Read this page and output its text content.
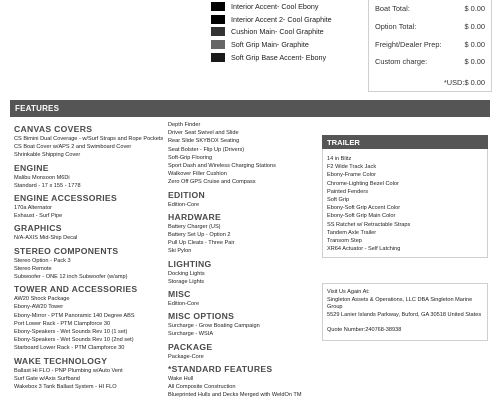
Interior Accent- Cool Ebony
Interior Accent 2- Cool Graphite
Cushion Main- Cool Graphite
Soft Grip Main- Graphite
Soft Grip Base Accent- Ebony
Boat Total:	$ 0.00
Option Total:	$ 0.00
Freight/Dealer Prep:	$ 0.00
Custom charge:	$ 0.00
*USD:$ 0.00
FEATURES
CANVAS COVERS
CS Bimini Dual Coverage - w/Surf Straps and Rope Pockets
CS Boat Cover w/APS 2 and Swimboard Cover
Shrinkable Shipping Cover
ENGINE
Malibu Monsoon M6Di
Standard - 17 x 155 - 1778
ENGINE ACCESSORIES
170a Alternator
Exhaust - Surf Pipe
GRAPHICS
N/A-AXIS Mid-Ship Decal
STEREO COMPONENTS
Stereo Option - Pack 3
Stereo Remote
Subwoofer - ONE 12 inch Subwoofer (w/amp)
TOWER AND ACCESSORIES
AW20 Shock Package
Ebony-AW20 Tower
Ebony-Mirror - PTM Panoramic 140 Degree ABS
Port Lower Rack - PTM Clampforce 30
Ebony-Speakers - Wet Sounds Rev 10 (1 set)
Ebony-Speakers - Wet Sounds Rev 10 (2nd set)
Starboard Lower Rack - PTM Clampforce 30
WAKE TECHNOLOGY
Ballast Hi FLO - PNP Plumbing w/Auto Vent
Surf Gate w/Axis Surfband
Wakebox 3 Tank Ballast System - HI FLO
Depth Finder
Driver Seat Swivel and Slide
Rear Slide SKYBOX Seating
Seat Bolster - Flip Up (Drivers)
Soft-Grip Flooring
Sport Dash and Wireless Charging Stations
Walkover Filler Cushion
Zero Off GPS Cruise and Compass
EDITION
Edition-Core
HARDWARE
Battery Charger (US)
Battery Set Up - Option 2
Pull Up Cleats - Three Pair
Ski Pylon
LIGHTING
Docking Lights
Storage Lights
MISC
Edition-Core
MISC OPTIONS
Surcharge - Grow Boating Campaign
Surcharge - WSIA
PACKAGE
Package-Core
*STANDARD FEATURES
Wake Hull
All Composite Construction
Blueprinted Hulls and Decks Merged with WeldOn TM
TRAILER
14 in Blitz
F2 Wide Track Jack
Ebony-Frame Color
Chrome-Lighting Bezel Color
Painted Fenders
Soft Grip
Ebony-Soft Grip Accent Color
Ebony-Soft Grip Main Color
SS Ratchet w/ Retractable Straps
Tandem Axle Trailer
Transom Step
XR64 Actuator - Self Latching
Visit Us Again At:
Singleton Assets & Operations, LLC DBA Singleton Marine
Group
5529 Lanier Islands Parkway, Buford, GA 30518 United States
Quote Number:240768-38938
